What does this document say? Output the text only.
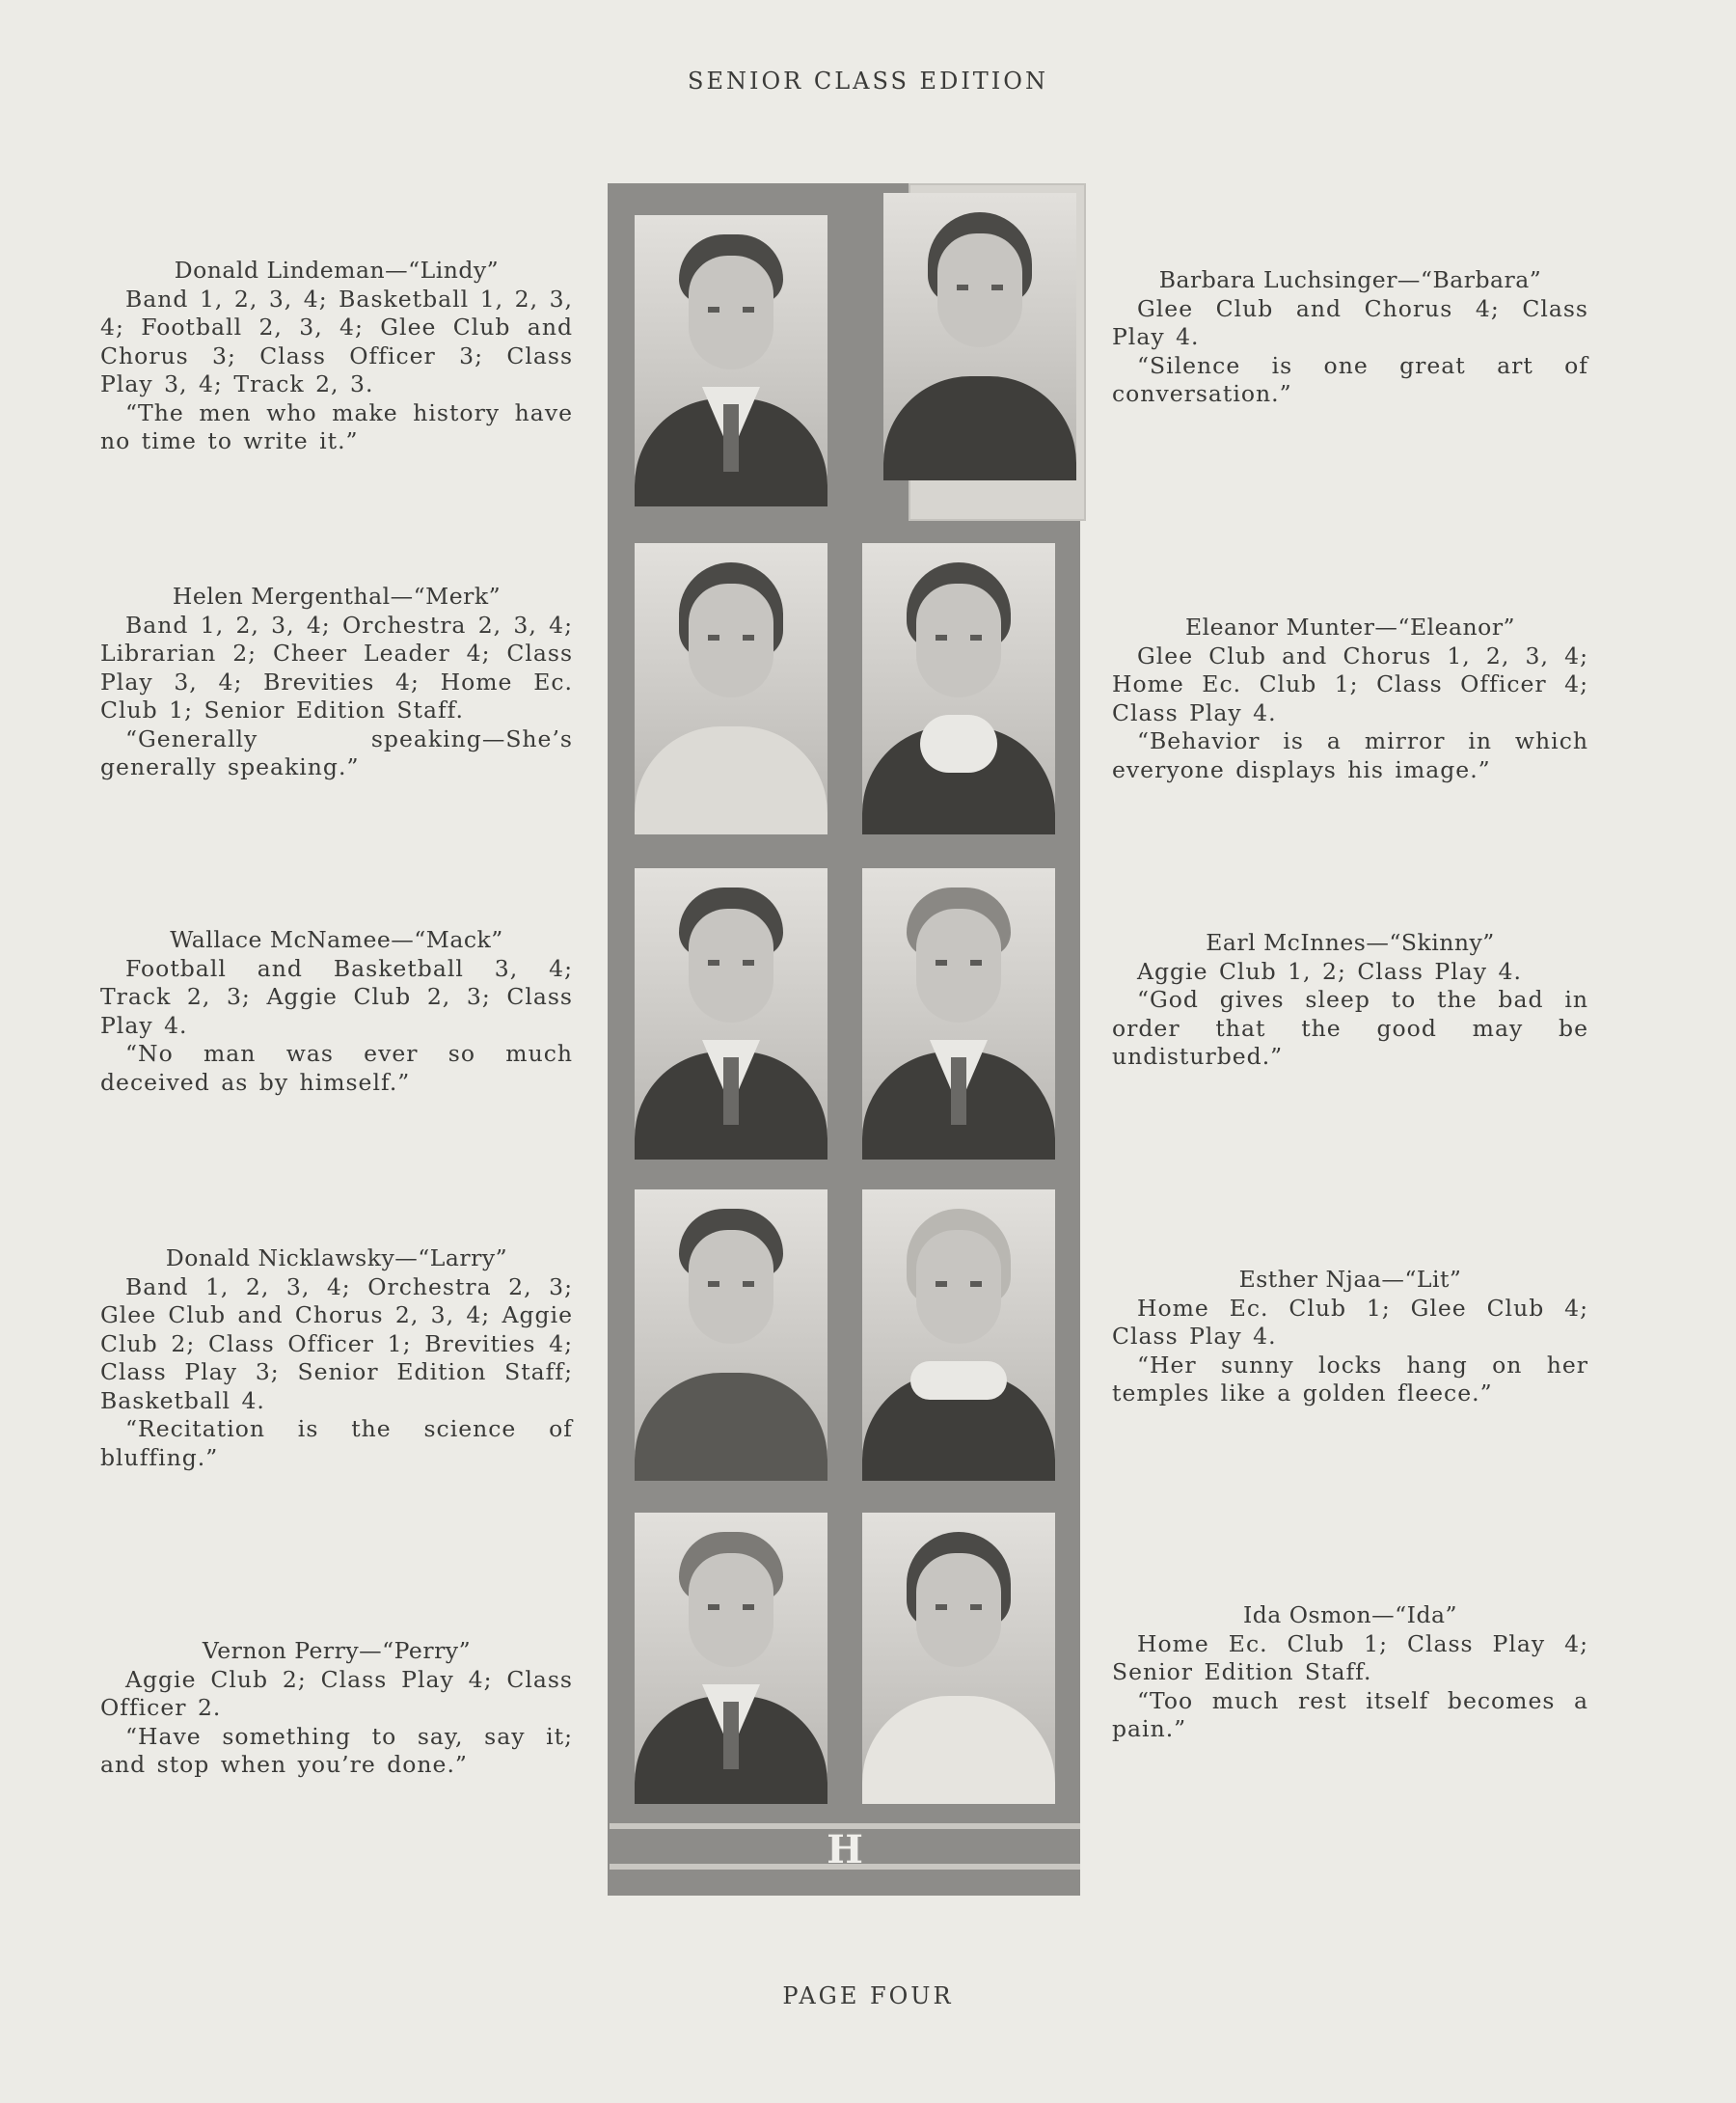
SENIOR CLASS EDITION
H
Donald Lindeman—“Lindy”
Band 1, 2, 3, 4; Basketball 1, 2, 3, 4; Football 2, 3, 4; Glee Club and Chorus 3; Class Officer 3; Class Play 3, 4; Track 2, 3.
“The men who make history have no time to write it.”
Helen Mergenthal—“Merk”
Band 1, 2, 3, 4; Orchestra 2, 3, 4; Librarian 2; Cheer Leader 4; Class Play 3, 4; Brevities 4; Home Ec. Club 1; Senior Edition Staff.
“Generally speaking—She’s generally speaking.”
Wallace McNamee—“Mack”
Football and Basketball 3, 4; Track 2, 3; Aggie Club 2, 3; Class Play 4.
“No man was ever so much deceived as by himself.”
Donald Nicklawsky—“Larry”
Band 1, 2, 3, 4; Orchestra 2, 3; Glee Club and Chorus 2, 3, 4; Aggie Club 2; Class Officer 1; Brevities 4; Class Play 3; Senior Edition Staff; Basketball 4.
“Recitation is the science of bluffing.”
Vernon Perry—“Perry”
Aggie Club 2; Class Play 4; Class Officer 2.
“Have something to say, say it; and stop when you’re done.”
Barbara Luchsinger—“Barbara”
Glee Club and Chorus 4; Class Play 4.
“Silence is one great art of conversation.”
Eleanor Munter—“Eleanor”
Glee Club and Chorus 1, 2, 3, 4; Home Ec. Club 1; Class Officer 4; Class Play 4.
“Behavior is a mirror in which everyone displays his image.”
Earl McInnes—“Skinny”
Aggie Club 1, 2; Class Play 4.
“God gives sleep to the bad in order that the good may be undisturbed.”
Esther Njaa—“Lit”
Home Ec. Club 1; Glee Club 4; Class Play 4.
“Her sunny locks hang on her temples like a golden fleece.”
Ida Osmon—“Ida”
Home Ec. Club 1; Class Play 4; Senior Edition Staff.
“Too much rest itself becomes a pain.”
PAGE FOUR
